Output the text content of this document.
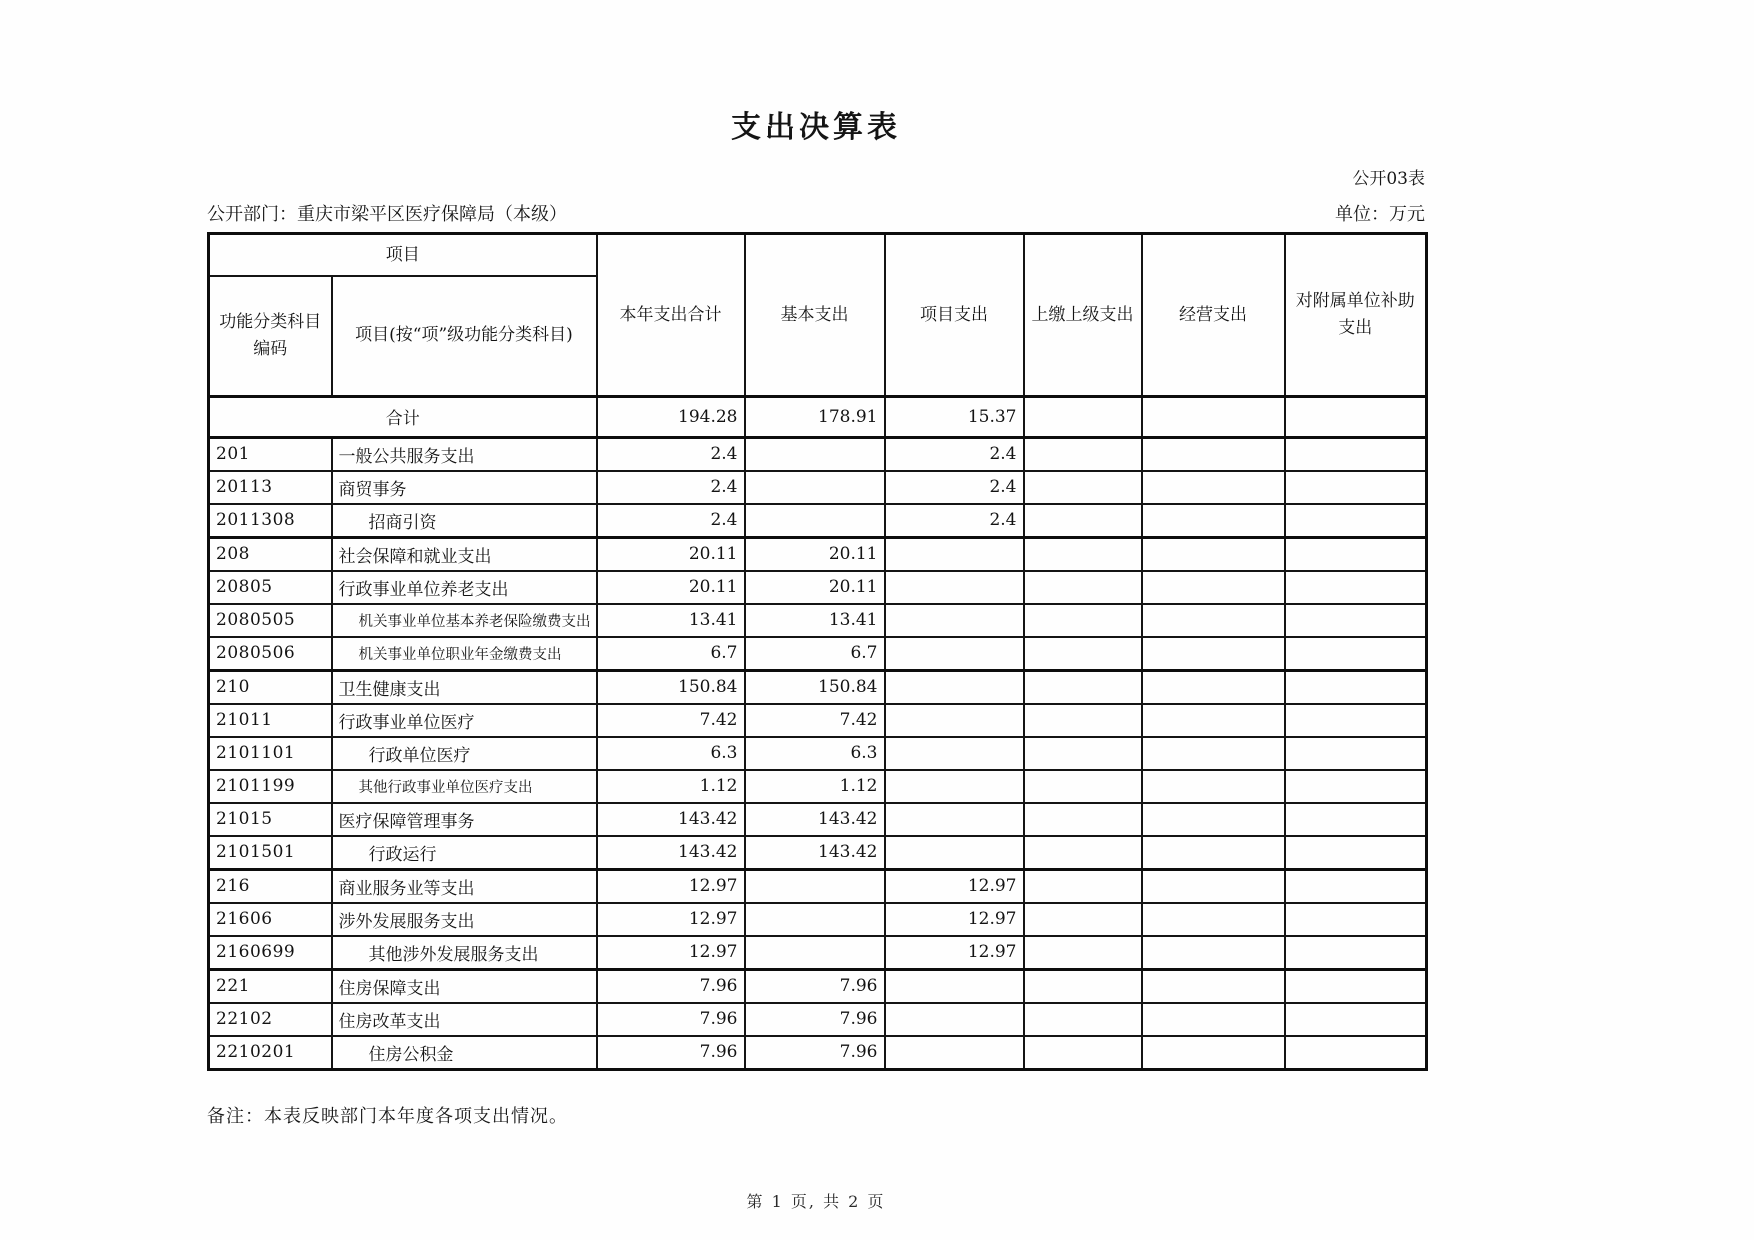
支出决算表
公开03表
公开部门：重庆市梁平区医疗保障局（本级）	单位：万元
项目		本年支出合计	基本支出	项目支出	上缴上级支出	经营支出	对附属单位补助支出
功能分类科目编码	项目(按“项”级功能分类科目)						
合计		194.28	178.91	15.37			
201	一般公共服务支出	2.4		2.4			
20113	商贸事务	2.4		2.4			
2011308	招商引资	2.4		2.4			
208	社会保障和就业支出	20.11	20.11				
20805	行政事业单位养老支出	20.11	20.11				
2080505	机关事业单位基本养老保险缴费支出	13.41	13.41				
2080506	机关事业单位职业年金缴费支出	6.7	6.7				
210	卫生健康支出	150.84	150.84				
21011	行政事业单位医疗	7.42	7.42				
2101101	行政单位医疗	6.3	6.3				
2101199	其他行政事业单位医疗支出	1.12	1.12				
21015	医疗保障管理事务	143.42	143.42				
2101501	行政运行	143.42	143.42				
216	商业服务业等支出	12.97		12.97			
21606	涉外发展服务支出	12.97		12.97			
2160699	其他涉外发展服务支出	12.97		12.97			
221	住房保障支出	7.96	7.96				
22102	住房改革支出	7.96	7.96				
2210201	住房公积金	7.96	7.96				
备注：本表反映部门本年度各项支出情况。
第 1 页, 共 2 页
